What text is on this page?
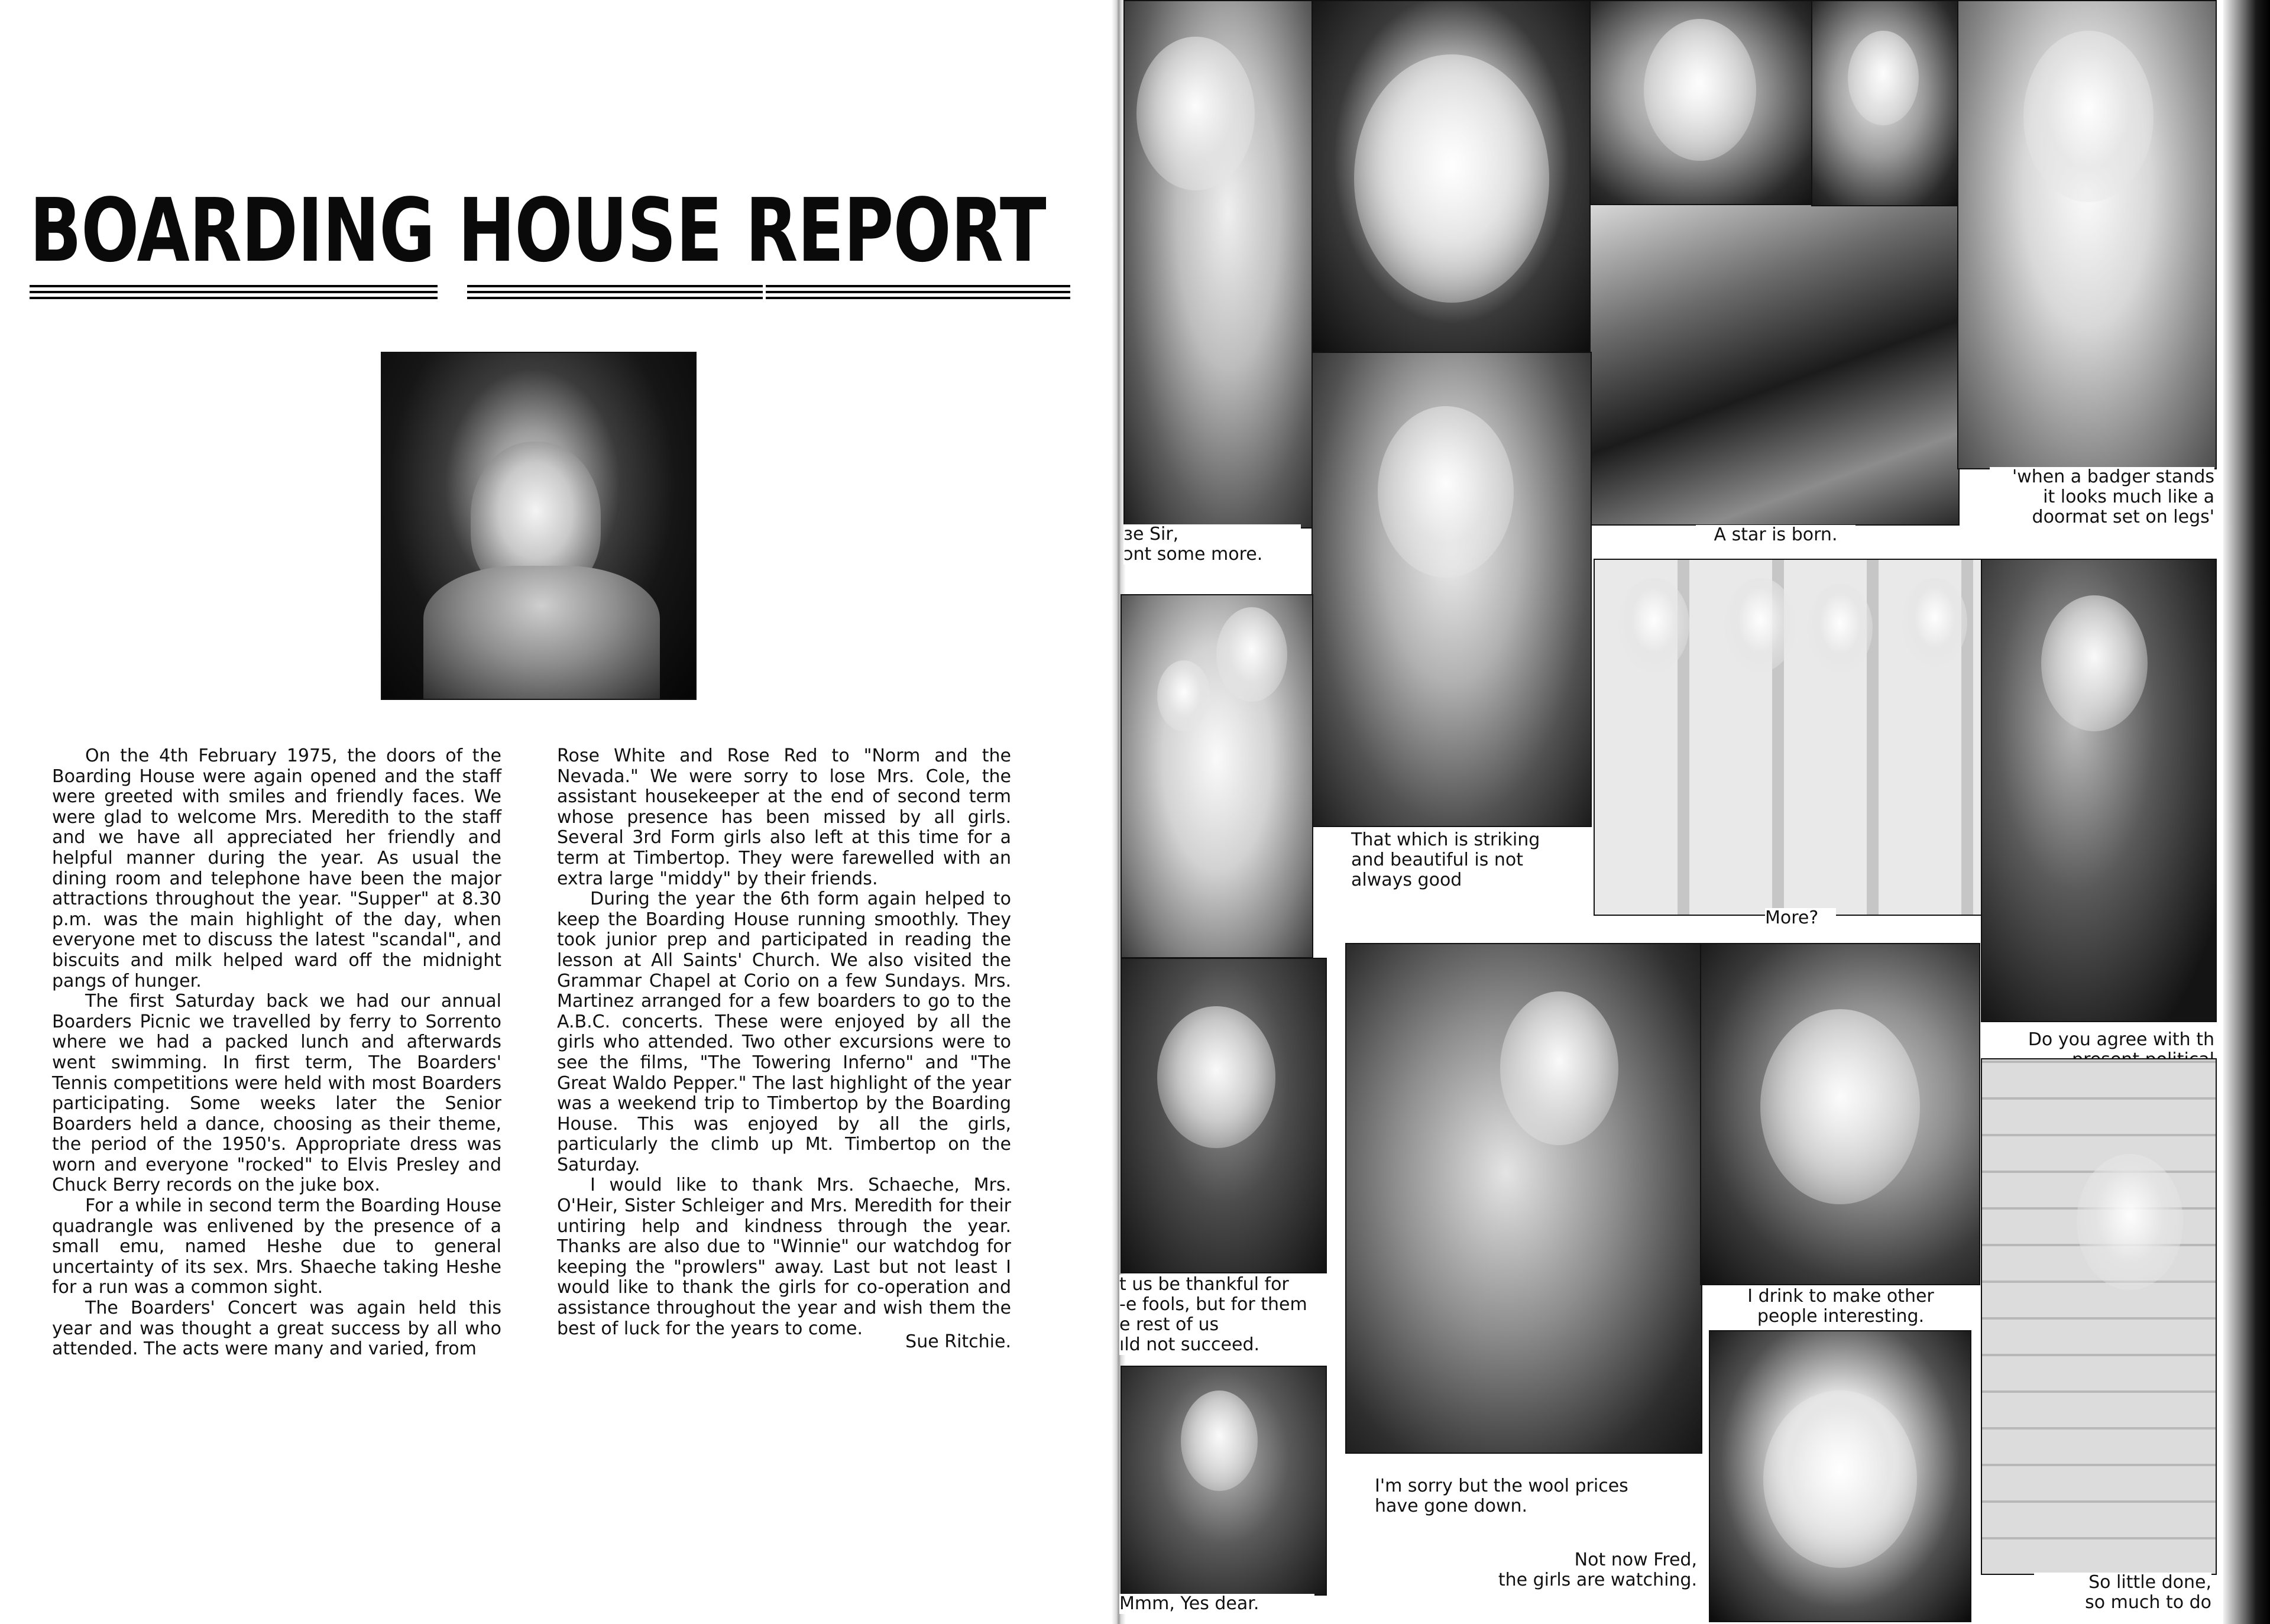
BOARDING HOUSE REPORT

On the 4th February 1975, the doors of the Boarding House were again opened and the staff were greeted with smiles and friendly faces. We were glad to welcome Mrs. Meredith to the staff and we have all appreciated her friendly and helpful manner during the year. As usual the dining room and telephone have been the major attractions throughout the year. "Supper" at 8.30 p.m. was the main highlight of the day, when everyone met to discuss the latest "scandal", and biscuits and milk helped ward off the midnight pangs of hunger.

The first Saturday back we had our annual Boarders Picnic we travelled by ferry to Sorrento where we had a packed lunch and afterwards went swimming. In first term, The Boarders' Tennis competitions were held with most Boarders participating. Some weeks later the Senior Boarders held a dance, choosing as their theme, the period of the 1950's. Appropriate dress was worn and everyone "rocked" to Elvis Presley and Chuck Berry records on the juke box.

For a while in second term the Boarding House quadrangle was enlivened by the presence of a small emu, named Heshe due to general uncertainty of its sex. Mrs. Shaeche taking Heshe for a run was a common sight.

The Boarders' Concert was again held this year and was thought a great success by all who attended. The acts were many and varied, from

Rose White and Rose Red to "Norm and the Nevada." We were sorry to lose Mrs. Cole, the assistant housekeeper at the end of second term whose presence has been missed by all girls. Several 3rd Form girls also left at this time for a term at Timbertop. They were farewelled with an extra large "middy" by their friends.

During the year the 6th form again helped to keep the Boarding House running smoothly. They took junior prep and participated in reading the lesson at All Saints' Church. We also visited the Grammar Chapel at Corio on a few Sundays. Mrs. Martinez arranged for a few boarders to go to the A.B.C. concerts. These were enjoyed by all the girls who attended. Two other excursions were to see the films, "The Towering Inferno" and "The Great Waldo Pepper." The last highlight of the year was a weekend trip to Timbertop by the Boarding House. This was enjoyed by all the girls, particularly the climb up Mt. Timbertop on the Saturday.

I would like to thank Mrs. Schaeche, Mrs. O'Heir, Sister Schleiger and Mrs. Meredith for their untiring help and kindness through the year. Thanks are also due to "Winnie" our watchdog for keeping the "prowlers" away. Last but not least I would like to thank the girls for co-operation and assistance throughout the year and wish them the best of luck for the years to come.

Sue Ritchie.
ɜe Sir,
ɔnt some more.
A star is born.
'when a badger stands
it looks much like a
doormat set on legs'
That which is striking
and beautiful is not
always good
More?
Do you agree with th

t us be thankful for
-e fools, but for them
e rest of us
ıld not succeed.
I'm sorry but the wool prices
have gone down.
I drink to make other
people interesting.
Not now Fred,
the girls are watching.
Mmm, Yes dear.
So little done,
so much to do
